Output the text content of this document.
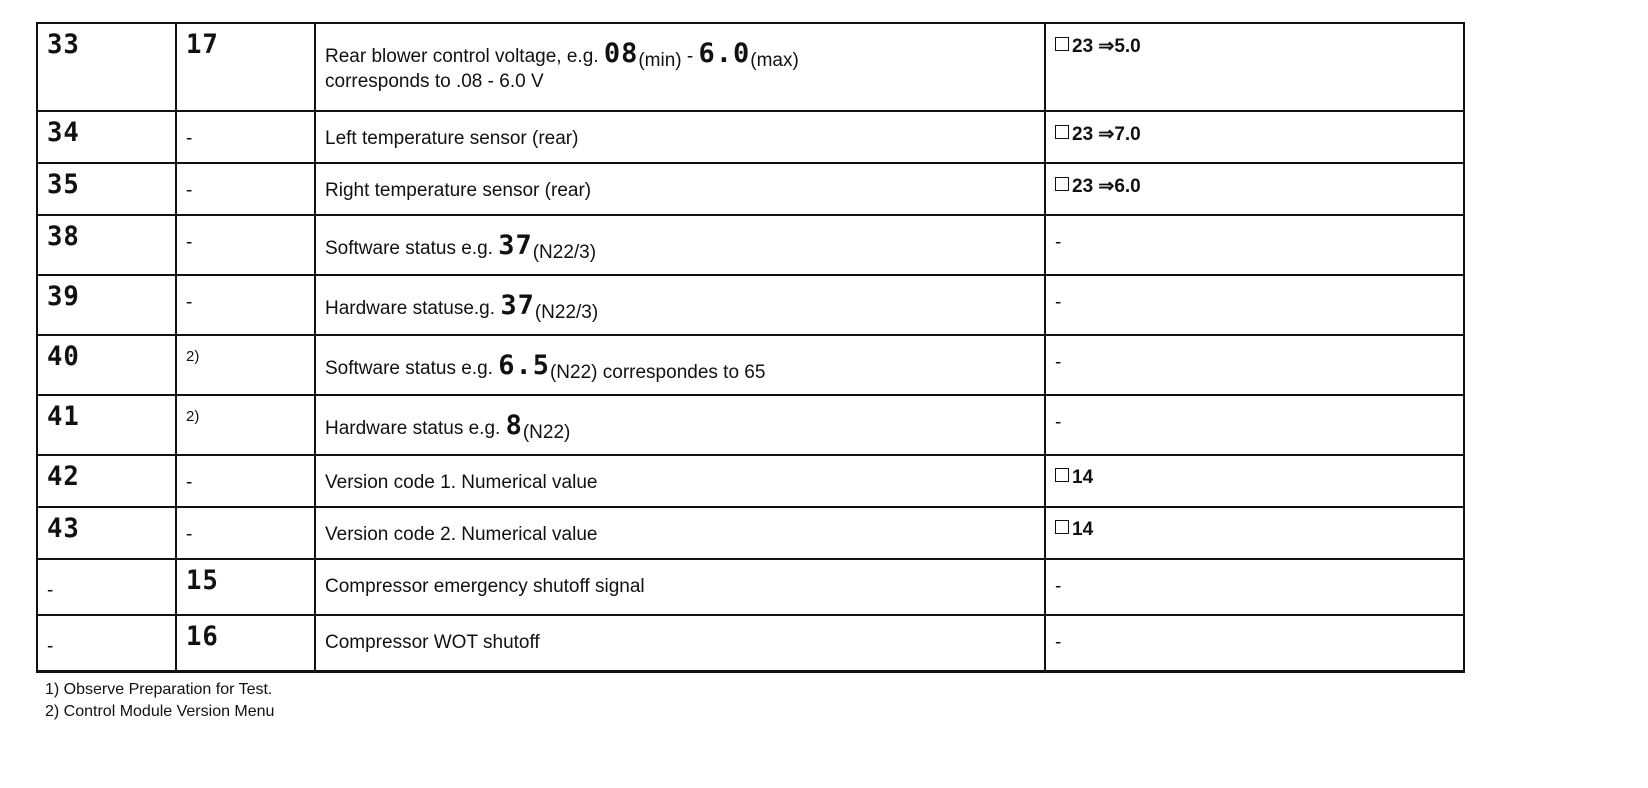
33	17	Rear blower control voltage, e.g. 08(min) - 6.0(max)
corresponds to .08 - 6.0 V	23 ⇒5.0

34	-	Left temperature sensor (rear)	23 ⇒7.0

35	-	Right temperature sensor (rear)	23 ⇒6.0

38	-	Software status e.g. 37(N22/3)	-

39	-	Hardware statuse.g. 37(N22/3)	-

40	2)	Software status e.g. 6.5(N22) correspondes to 65	-

41	2)	Hardware status e.g. 8(N22)	-

42	-	Version code 1. Numerical value	14

43	-	Version code 2. Numerical value	14

-	15	Compressor emergency shutoff signal	-

-	16	Compressor WOT shutoff	-
1) Observe Preparation for Test.
2) Control Module Version Menu
